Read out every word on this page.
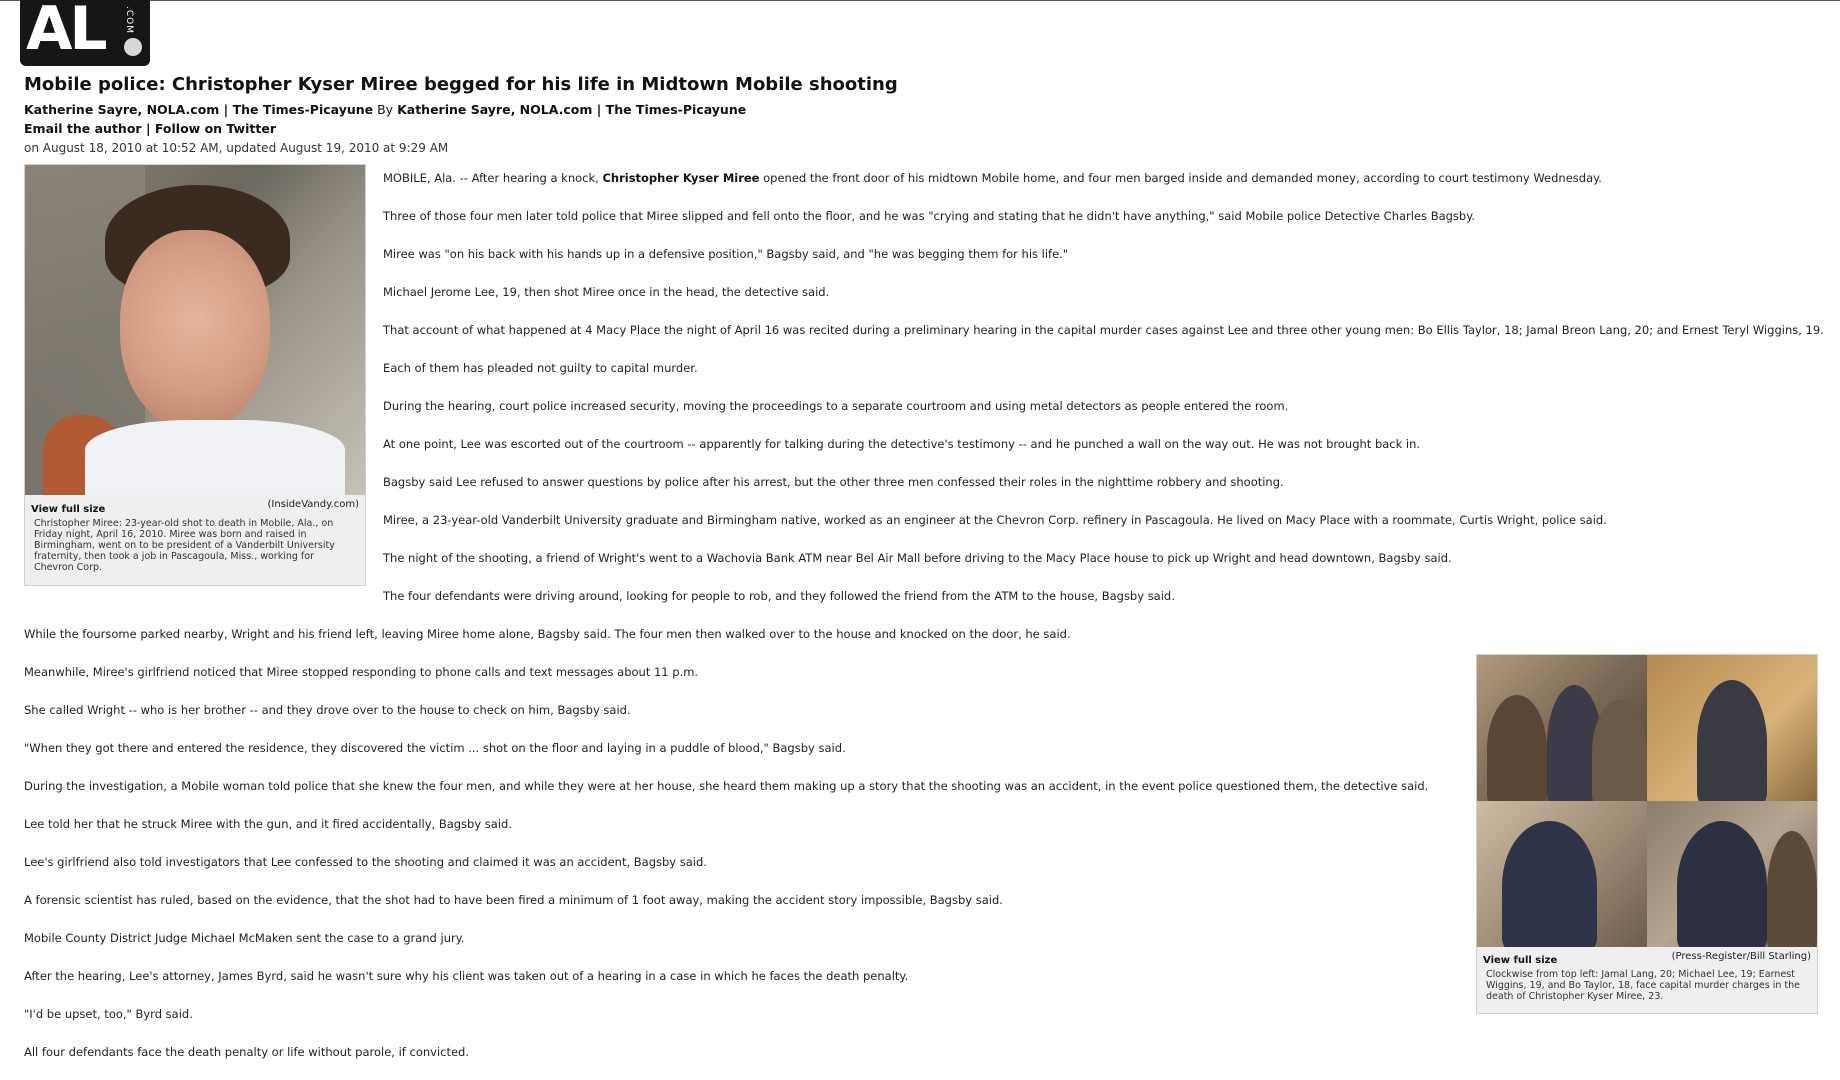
AL .COM
Mobile police: Christopher Kyser Miree begged for his life in Midtown Mobile shooting
Katherine Sayre, NOLA.com | The Times-Picayune By Katherine Sayre, NOLA.com | The Times-Picayune
Email the author | Follow on Twitter
on August 18, 2010 at 10:52 AM, updated August 19, 2010 at 9:29 AM
View full size	(InsideVandy.com)
Christopher Miree: 23-year-old shot to death in Mobile, Ala., on Friday night, April 16, 2010. Miree was born and raised in Birmingham, went on to be president of a Vanderbilt University fraternity, then took a job in Pascagoula, Miss., working for Chevron Corp.
View full size	(Press-Register/Bill Starling)
Clockwise from top left: Jamal Lang, 20; Michael Lee, 19; Earnest Wiggins, 19, and Bo Taylor, 18, face capital murder charges in the death of Christopher Kyser Miree, 23.

MOBILE, Ala. -- After hearing a knock, Christopher Kyser Miree opened the front door of his midtown Mobile home, and four men barged inside and demanded money, according to court testimony Wednesday.

Three of those four men later told police that Miree slipped and fell onto the floor, and he was "crying and stating that he didn't have anything," said Mobile police Detective Charles Bagsby.

Miree was "on his back with his hands up in a defensive position," Bagsby said, and "he was begging them for his life."

Michael Jerome Lee, 19, then shot Miree once in the head, the detective said.

That account of what happened at 4 Macy Place the night of April 16 was recited during a preliminary hearing in the capital murder cases against Lee and three other young men: Bo Ellis Taylor, 18; Jamal Breon Lang, 20; and Ernest Teryl Wiggins, 19.

Each of them has pleaded not guilty to capital murder.

During the hearing, court police increased security, moving the proceedings to a separate courtroom and using metal detectors as people entered the room.

At one point, Lee was escorted out of the courtroom -- apparently for talking during the detective's testimony -- and he punched a wall on the way out. He was not brought back in.

Bagsby said Lee refused to answer questions by police after his arrest, but the other three men confessed their roles in the nighttime robbery and shooting.

Miree, a 23-year-old Vanderbilt University graduate and Birmingham native, worked as an engineer at the Chevron Corp. refinery in Pascagoula. He lived on Macy Place with a roommate, Curtis Wright, police said.

The night of the shooting, a friend of Wright's went to a Wachovia Bank ATM near Bel Air Mall before driving to the Macy Place house to pick up Wright and head downtown, Bagsby said.

The four defendants were driving around, looking for people to rob, and they followed the friend from the ATM to the house, Bagsby said.

While the foursome parked nearby, Wright and his friend left, leaving Miree home alone, Bagsby said. The four men then walked over to the house and knocked on the door, he said.

Meanwhile, Miree's girlfriend noticed that Miree stopped responding to phone calls and text messages about 11 p.m.

She called Wright -- who is her brother -- and they drove over to the house to check on him, Bagsby said.

"When they got there and entered the residence, they discovered the victim ... shot on the floor and laying in a puddle of blood," Bagsby said.

During the investigation, a Mobile woman told police that she knew the four men, and while they were at her house, she heard them making up a story that the shooting was an accident, in the event police questioned them, the detective said.

Lee told her that he struck Miree with the gun, and it fired accidentally, Bagsby said.

Lee's girlfriend also told investigators that Lee confessed to the shooting and claimed it was an accident, Bagsby said.

A forensic scientist has ruled, based on the evidence, that the shot had to have been fired a minimum of 1 foot away, making the accident story impossible, Bagsby said.

Mobile County District Judge Michael McMaken sent the case to a grand jury.

After the hearing, Lee's attorney, James Byrd, said he wasn't sure why his client was taken out of a hearing in a case in which he faces the death penalty.

"I'd be upset, too," Byrd said.

All four defendants face the death penalty or life without parole, if convicted.
